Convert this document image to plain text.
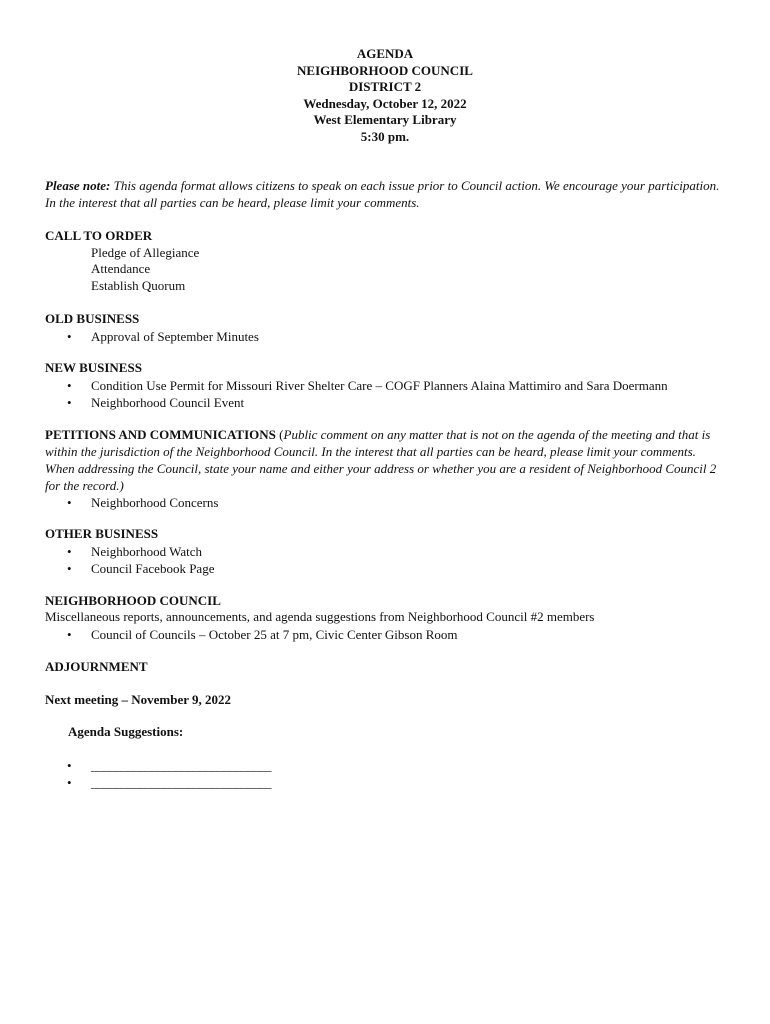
AGENDA
NEIGHBORHOOD COUNCIL
DISTRICT 2
Wednesday, October 12, 2022
West Elementary Library
5:30 pm.
Please note: This agenda format allows citizens to speak on each issue prior to Council action. We encourage your participation. In the interest that all parties can be heard, please limit your comments.
CALL TO ORDER
Pledge of Allegiance
Attendance
Establish Quorum
OLD BUSINESS
• Approval of September Minutes
NEW BUSINESS
• Condition Use Permit for Missouri River Shelter Care – COGF Planners Alaina Mattimiro and Sara Doermann
• Neighborhood Council Event
PETITIONS AND COMMUNICATIONS (Public comment on any matter that is not on the agenda of the meeting and that is within the jurisdiction of the Neighborhood Council. In the interest that all parties can be heard, please limit your comments. When addressing the Council, state your name and either your address or whether you are a resident of Neighborhood Council 2 for the record.)
• Neighborhood Concerns
OTHER BUSINESS
• Neighborhood Watch
• Council Facebook Page
NEIGHBORHOOD COUNCIL
Miscellaneous reports, announcements, and agenda suggestions from Neighborhood Council #2 members
• Council of Councils – October 25 at 7 pm, Civic Center Gibson Room
ADJOURNMENT
Next meeting – November 9, 2022
Agenda Suggestions:
• ______________________________
• ______________________________
